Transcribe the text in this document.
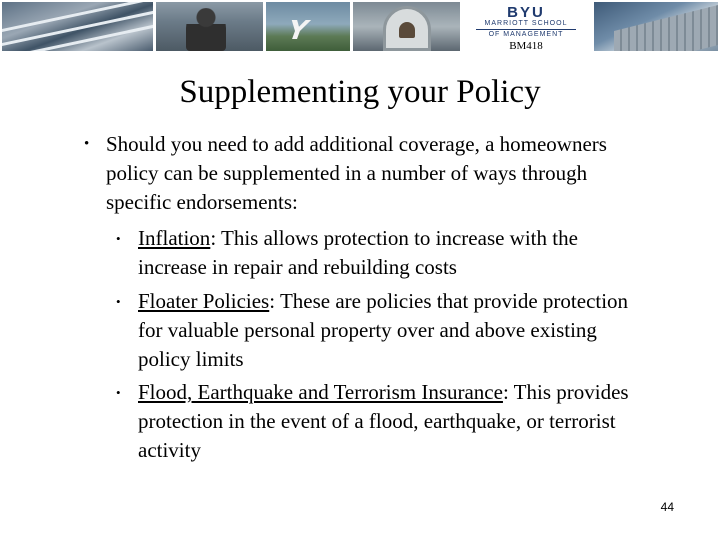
Y
BYU
MARRIOTT SCHOOL
OF MANAGEMENT
BM418
Supplementing your Policy
• Should you need to add additional coverage, a homeowners policy can be supplemented in a number of ways through specific endorsements:
• Inflation: This allows protection to increase with the increase in repair and rebuilding costs
• Floater Policies: These are policies that provide protection for valuable personal property over and above existing policy limits
• Flood, Earthquake and Terrorism Insurance: This provides protection in the event of a flood, earthquake, or terrorist activity
44
